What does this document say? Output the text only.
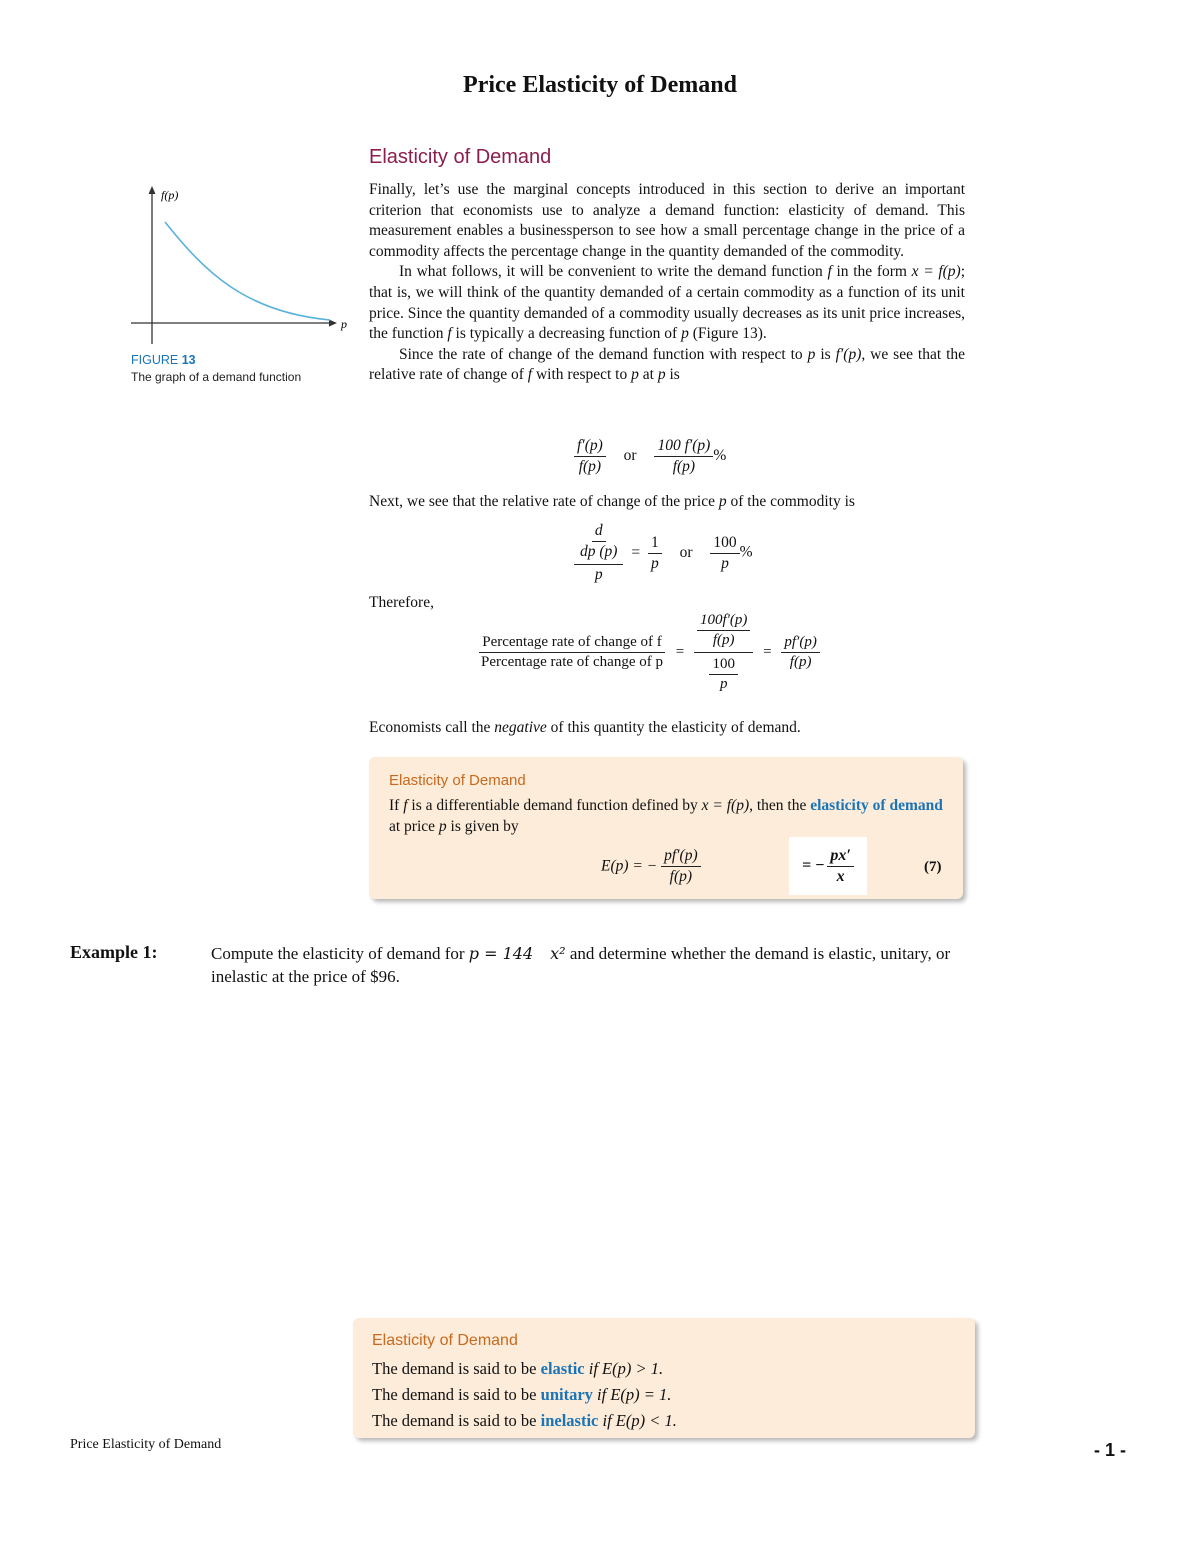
Price Elasticity of Demand
f(p)
p
FIGURE 13
The graph of a demand function
Elasticity of Demand
Finally, let’s use the marginal concepts introduced in this section to derive an important criterion that economists use to analyze a demand function: elasticity of demand. This measurement enables a businessperson to see how a small percentage change in the price of a commodity affects the percentage change in the quantity demanded of the commodity.
In what follows, it will be convenient to write the demand function f in the form x = f(p); that is, we will think of the quantity demanded of a certain commodity as a function of its unit price. Since the quantity demanded of a commodity usually decreases as its unit price increases, the function f is typically a decreasing function of p (Figure 13).
Since the rate of change of the demand function with respect to p is f′(p), we see that the relative rate of change of f with respect to p at p is
$\frac{f'(p)}{f(p)}$ or $\frac{100 f'(p)}{f(p)}$ %
Next, we see that the relative rate of change of the price p of the commodity is
$\frac{\frac{d}{dp (p)}}{p} = \frac{1}{p}$ or $\frac{100}{p}$ %
Therefore,
$\frac{\text{Percentage rate of change of f}}{\text{Percentage rate of change of p}} = \frac{\frac{100f'(p)}{f(p)}}{\frac{100}{p}} = \frac{pf'(p)}{f(p)}$
Economists call the negative of this quantity the elasticity of demand.
Elasticity of Demand
If f is a differentiable demand function defined by x = f(p), then the elasticity of demand at price p is given by
E(p) = − $\frac{pf'(p)}{f(p)}$	= − $\frac{px'}{x}$	(7)
Example 1:	Compute the elasticity of demand for p = 144 x² and determine whether the demand is elastic, unitary, or
inelastic at the price of $96.
Elasticity of Demand
The demand is said to be elastic if E(p) > 1.
The demand is said to be unitary if E(p) = 1.
The demand is said to be inelastic if E(p) < 1.
Price Elasticity of Demand	- 1 -
